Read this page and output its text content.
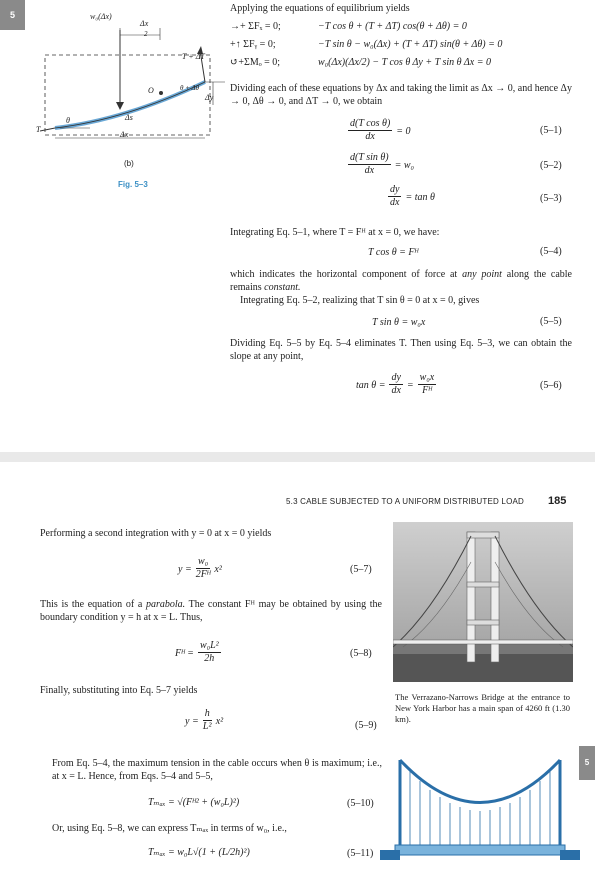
5	w₀(Δx)
Δx
2
T + ΔT
θ + Δθ
Δy
O
T
θ	Δs
Δx
(b)
Fig. 5–3
Applying the equations of equilibrium yields
→+ ΣFₓ = 0;	−T cos θ + (T + ΔT) cos(θ + Δθ) = 0
+↑ ΣFᵧ = 0;	−T sin θ − w₀(Δx) + (T + ΔT) sin(θ + Δθ) = 0
↺+ΣMₒ = 0;	w₀(Δx)(Δx/2) − T cos θ Δy + T sin θ Δx = 0
Dividing each of these equations by Δx and taking the limit as Δx → 0, and hence Δy → 0, Δθ → 0, and ΔT → 0, we obtain
$\frac{\text{d(T cos θ)}}{dx} = 0$	(5–1)
$\frac{\text{d(T sin θ)}}{dx} = w_0$	(5–2)
$\frac{dy}{dx} = \tan \theta$	(5–3)
Integrating Eq. 5–1, where T = Fᴴ at x = 0, we have:
T cos θ = Fᴴ	(5–4)
which indicates the horizontal component of force at any point along the cable remains constant.
Integrating Eq. 5–2, realizing that T sin θ = 0 at x = 0, gives
T sin θ = w₀x	(5–5)
Dividing Eq. 5–5 by Eq. 5–4 eliminates T. Then using Eq. 5–3, we can obtain the slope at any point,
$\tan \theta = \frac{dy}{dx} = \frac{\text{w₀x}}{\text{Fᴴ}}$	(5–6)
5.3 CABLE SUBJECTED TO A UNIFORM DISTRIBUTED LOAD 185
Performing a second integration with y = 0 at x = 0 yields
$y = \frac{\text{w₀}}{\text{2Fᴴ}} x^2$	(5–7)
This is the equation of a parabola. The constant Fᴴ may be obtained by using the boundary condition y = h at x = L. Thus,
Fᴴ = $\frac{\text{w₀L²}}{2h}$	(5–8)
Finally, substituting into Eq. 5–7 yields
$y = \frac{h}{\text{L²}} x^2$	(5–9)
From Eq. 5–4, the maximum tension in the cable occurs when θ is maximum; i.e., at x = L. Hence, from Eqs. 5–4 and 5–5,
Tₘₐₓ = √(Fᴴ² + (w₀L)²)	(5–10)
Or, using Eq. 5–8, we can express Tₘₐₓ in terms of w₀, i.e.,
Tₘₐₓ = w₀L√(1 + (L/2h)²)	(5–11)
The Verrazano-Narrows Bridge at the entrance to New York Harbor has a main span of 4260 ft (1.30 km).
5
